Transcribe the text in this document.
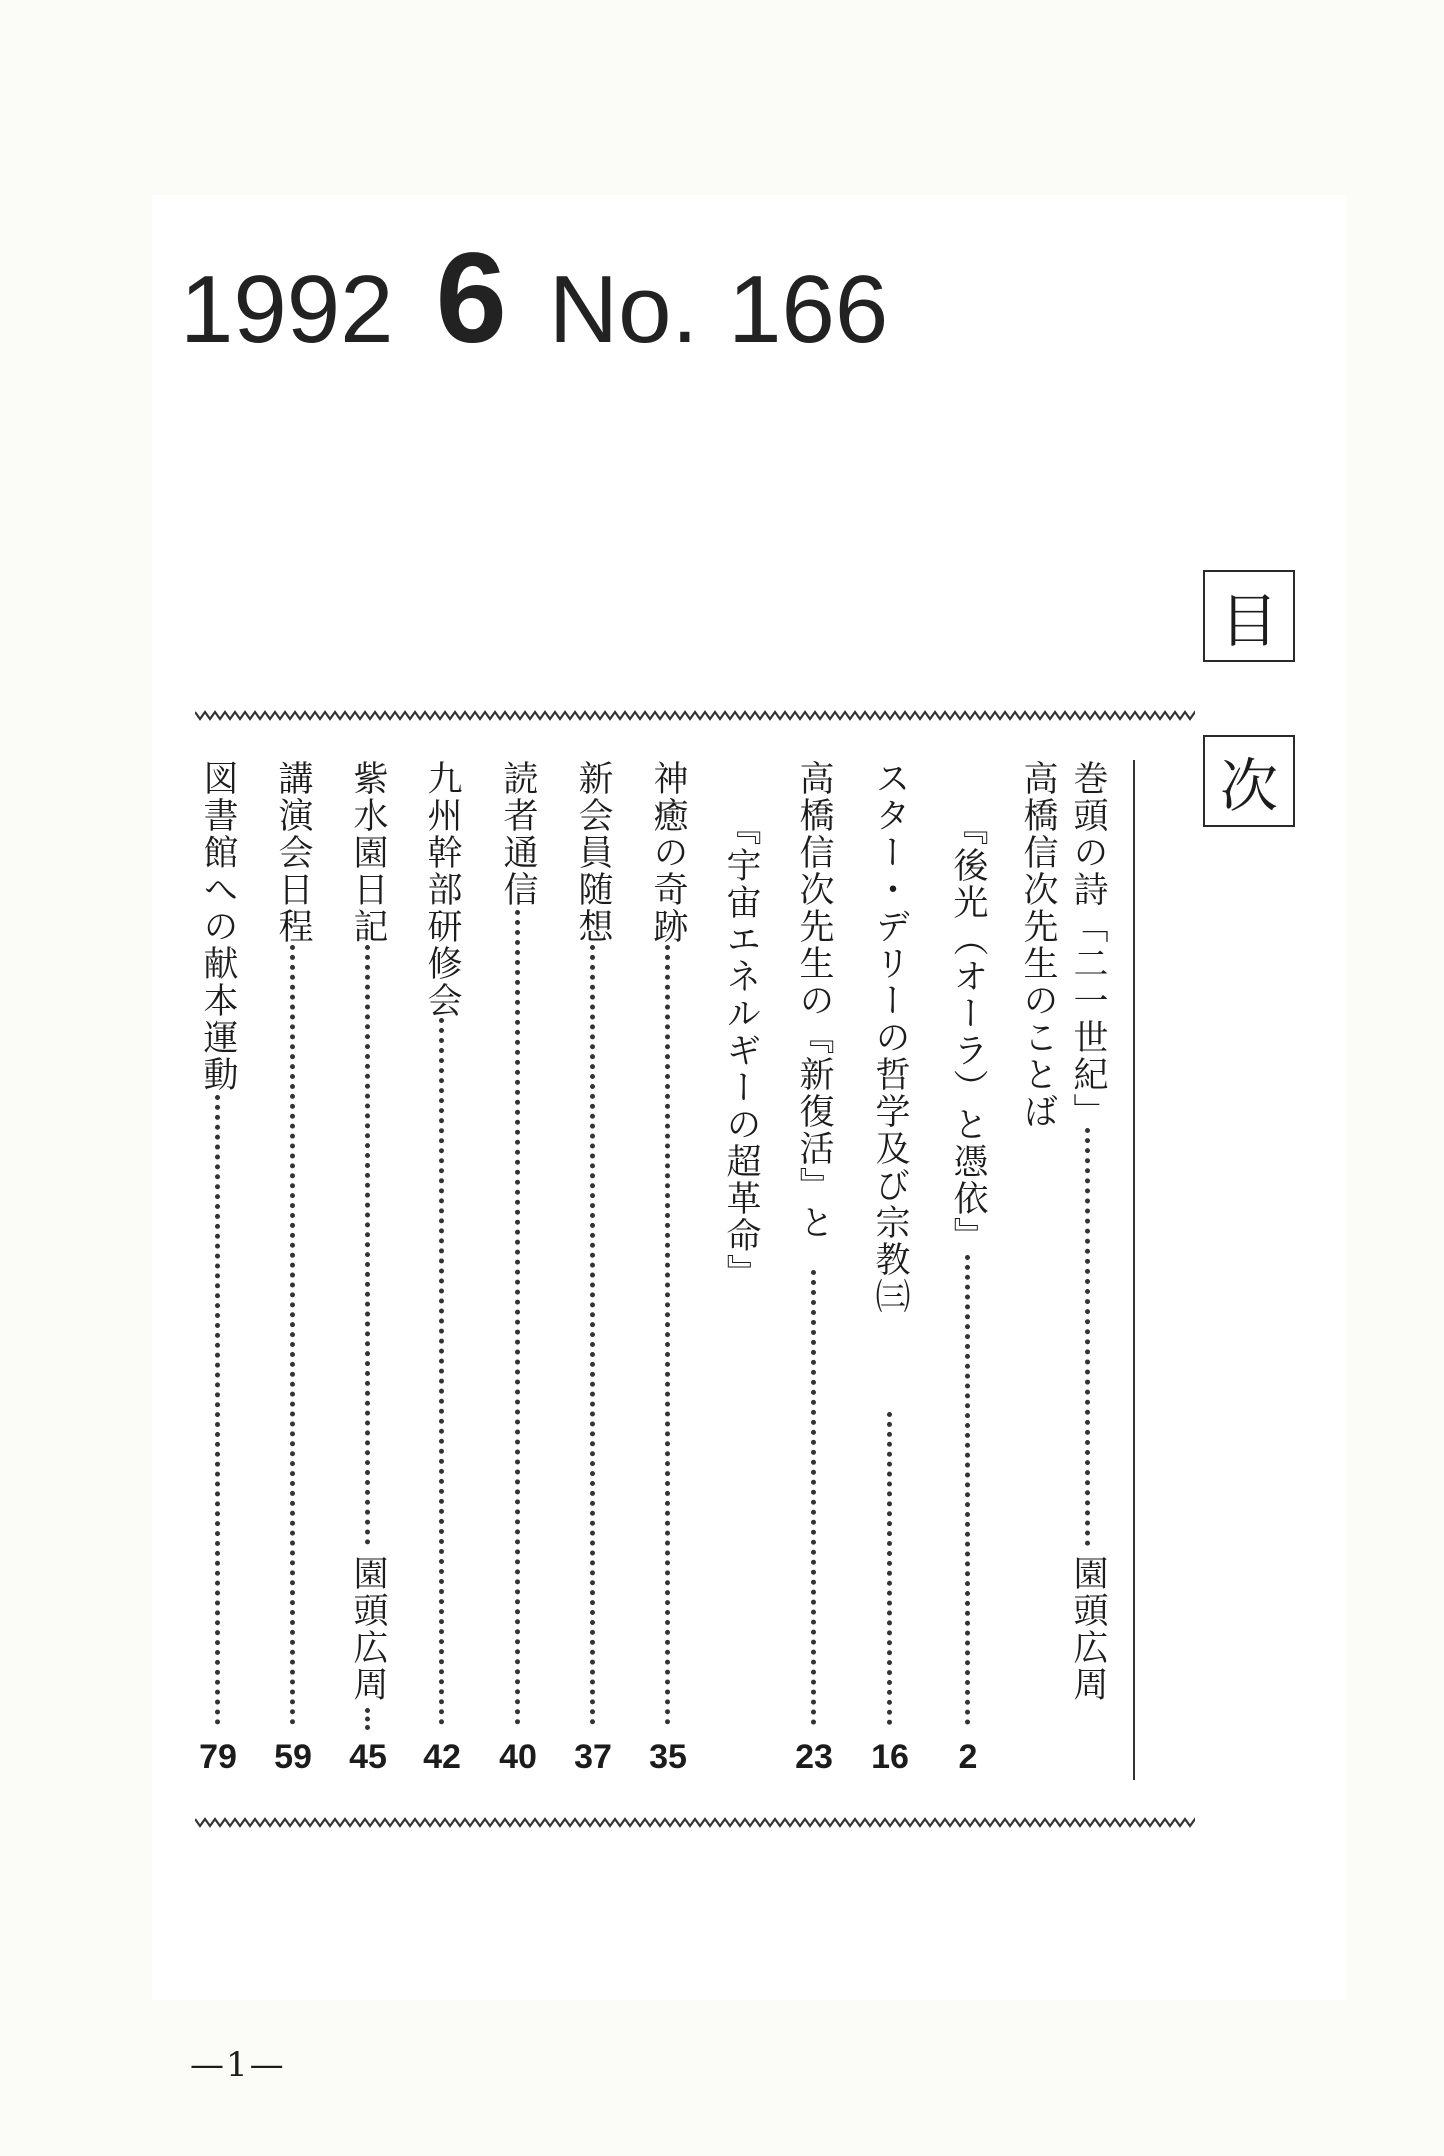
1992 6 No. 166
目
次
巻頭の詩「二一世紀」
園頭広周
高橋信次先生のことば
『後光（オーラ）と憑依』
2
スター・デリーの哲学及び宗教㈢
16
高橋信次先生の『新復活』と
23
『宇宙エネルギーの超革命』
神癒の奇跡
35
新会員随想
37
読者通信
40
九州幹部研修会
42
紫水園日記
園頭広周
45
講演会日程
59
図書館への献本運動
79
—1—
